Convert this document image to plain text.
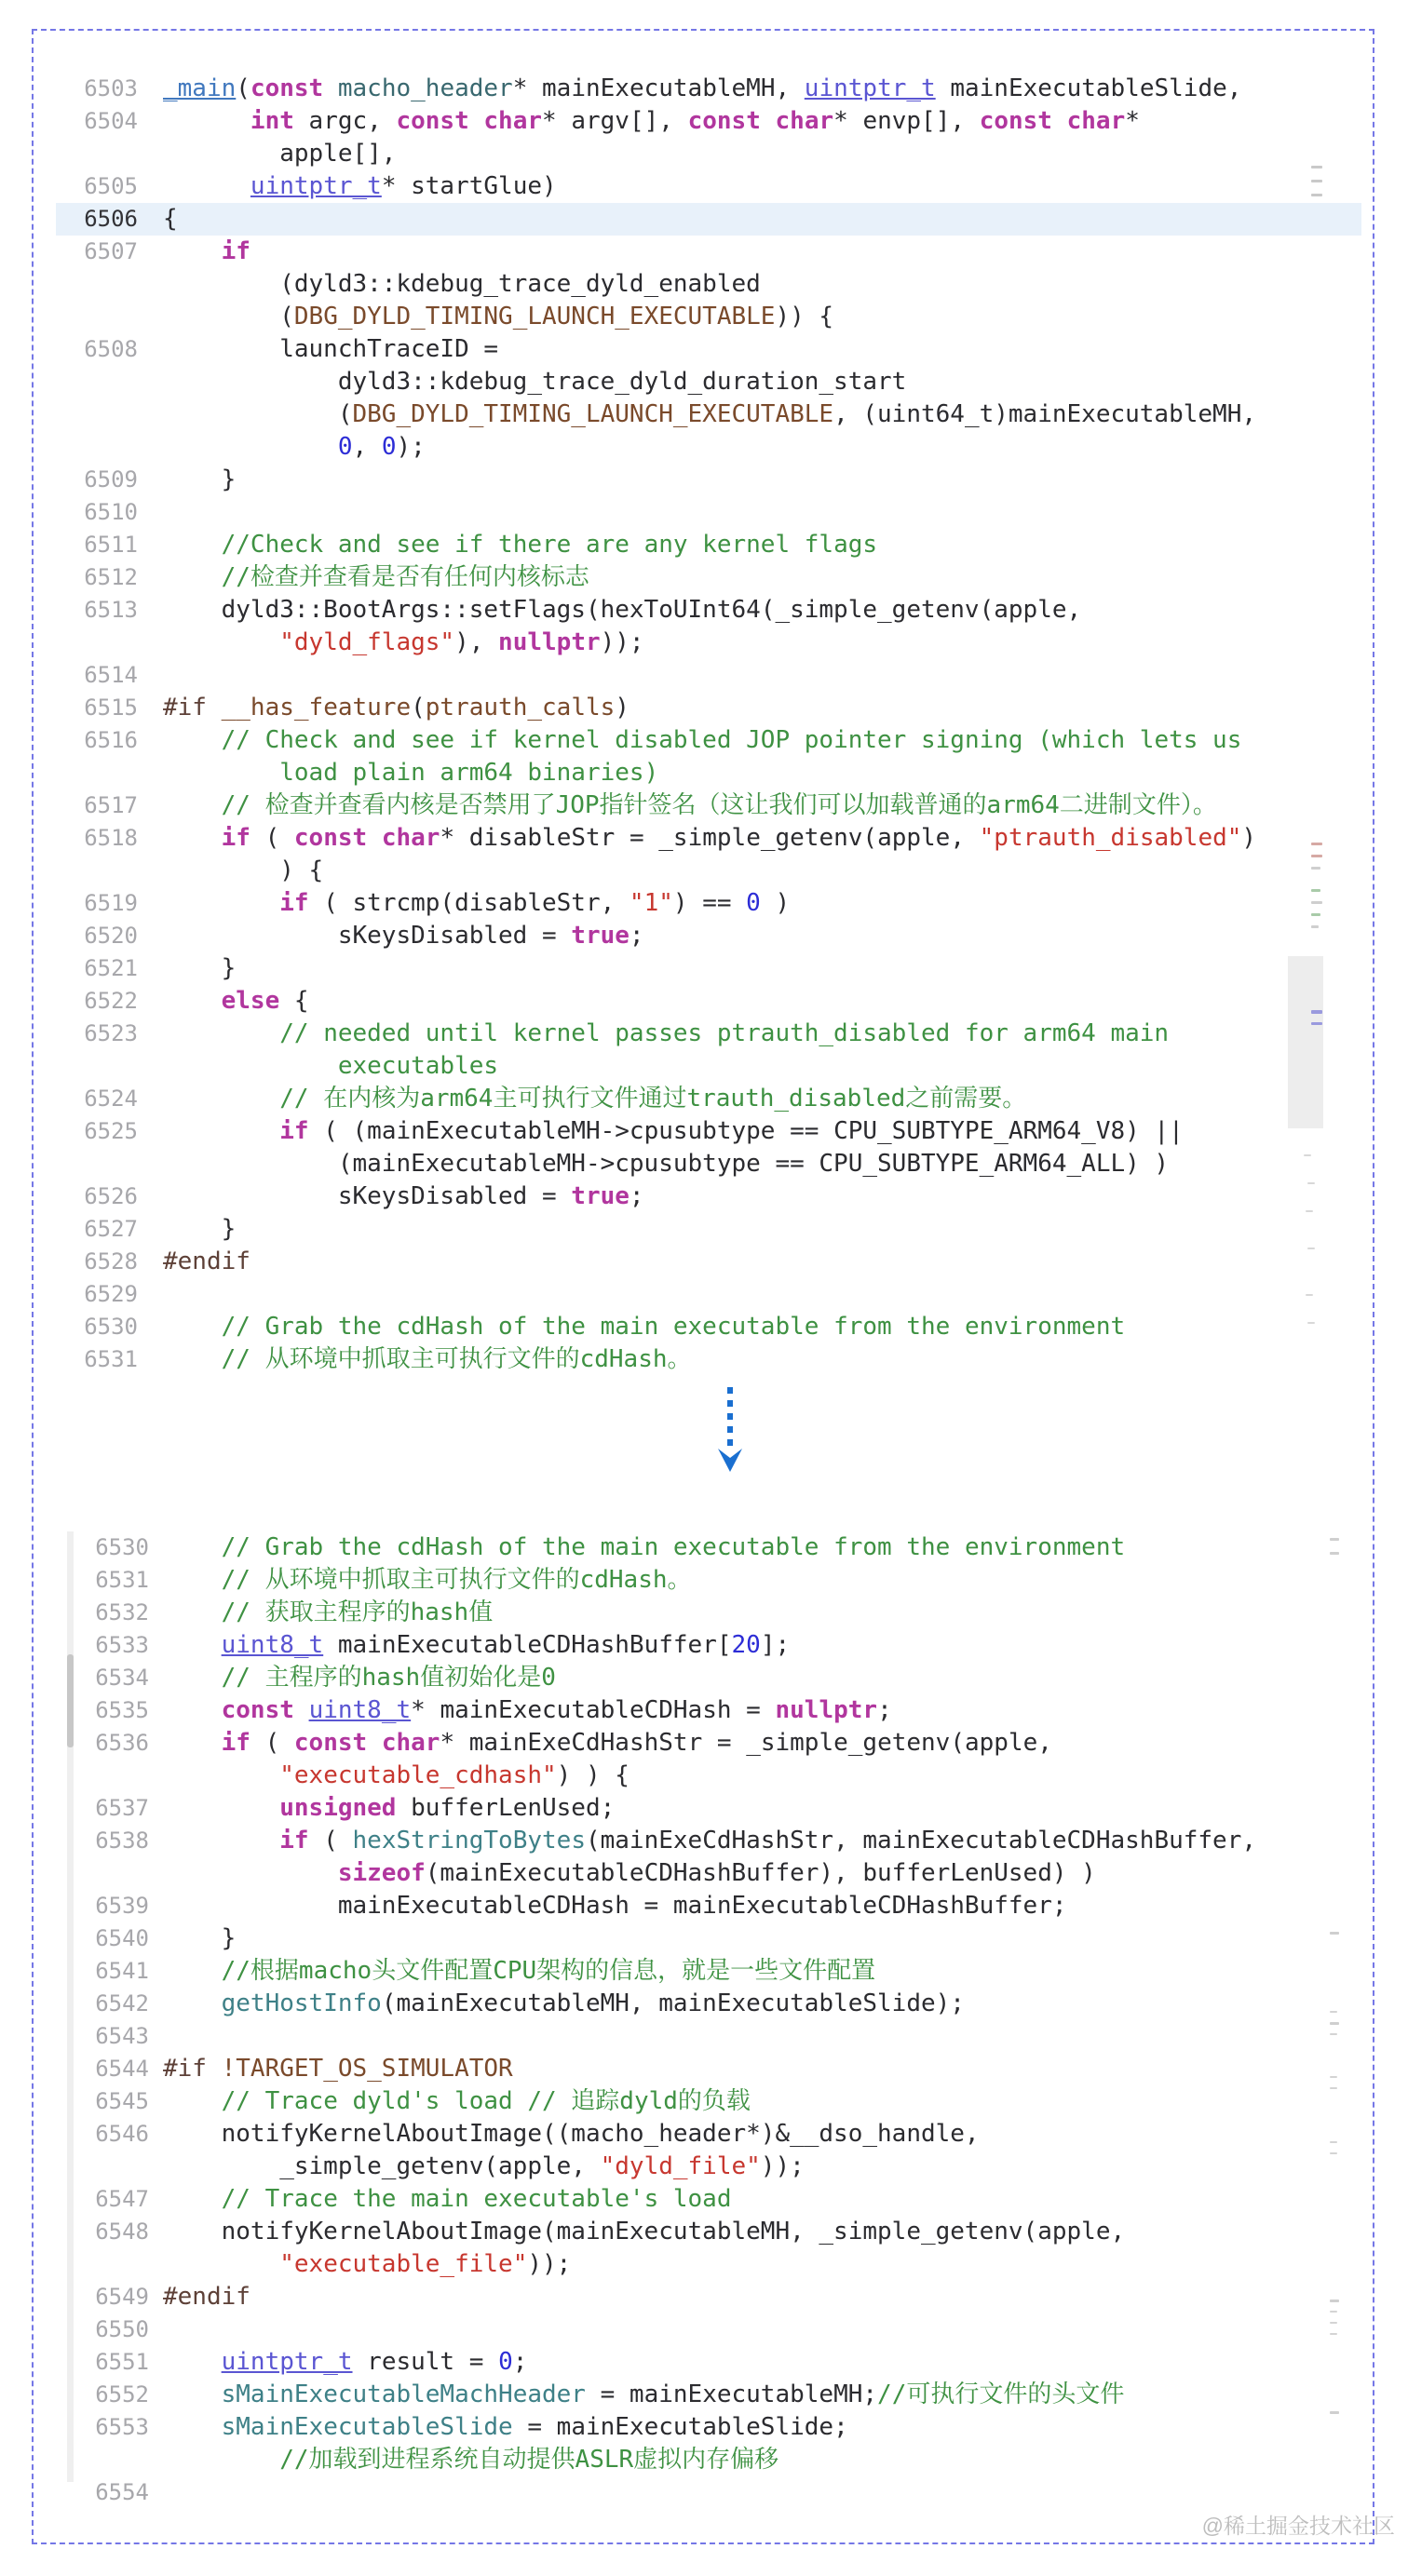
6503	_main(const macho_header* mainExecutableMH, uintptr_t mainExecutableSlide,
6504	int argc, const char* argv[], const char* envp[], const char*
apple[],
6505	uintptr_t* startGlue)
6506	{
6507	if
(dyld3::kdebug_trace_dyld_enabled
(DBG_DYLD_TIMING_LAUNCH_EXECUTABLE)) {
6508	launchTraceID =
dyld3::kdebug_trace_dyld_duration_start
(DBG_DYLD_TIMING_LAUNCH_EXECUTABLE, (uint64_t)mainExecutableMH,
0, 0);
6509	}
6510
6511	//Check and see if there are any kernel flags
6512	//检查并查看是否有任何内核标志
6513	dyld3::BootArgs::setFlags(hexToUInt64(_simple_getenv(apple,
"dyld_flags"), nullptr));
6514
6515	#if __has_feature(ptrauth_calls)
6516	// Check and see if kernel disabled JOP pointer signing (which lets us
load plain arm64 binaries)
6517	// 检查并查看内核是否禁用了JOP指针签名（这让我们可以加载普通的arm64二进制文件）。
6518	if ( const char* disableStr = _simple_getenv(apple, "ptrauth_disabled")
) {
6519	if ( strcmp(disableStr, "1") == 0 )
6520	sKeysDisabled = true;
6521	}
6522	else {
6523	// needed until kernel passes ptrauth_disabled for arm64 main
executables
6524	// 在内核为arm64主可执行文件通过trauth_disabled之前需要。
6525	if ( (mainExecutableMH->cpusubtype == CPU_SUBTYPE_ARM64_V8) ||
(mainExecutableMH->cpusubtype == CPU_SUBTYPE_ARM64_ALL) )
6526	sKeysDisabled = true;
6527	}
6528	#endif
6529
6530	// Grab the cdHash of the main executable from the environment
6531	// 从环境中抓取主可执行文件的cdHash。
6530	// Grab the cdHash of the main executable from the environment
6531	// 从环境中抓取主可执行文件的cdHash。
6532	// 获取主程序的hash值
6533	uint8_t mainExecutableCDHashBuffer[20];
6534	// 主程序的hash值初始化是0
6535	const uint8_t* mainExecutableCDHash = nullptr;
6536	if ( const char* mainExeCdHashStr = _simple_getenv(apple,
"executable_cdhash") ) {
6537	unsigned bufferLenUsed;
6538	if ( hexStringToBytes(mainExeCdHashStr, mainExecutableCDHashBuffer,
sizeof(mainExecutableCDHashBuffer), bufferLenUsed) )
6539 mainExecutableCDHash = mainExecutableCDHashBuffer;
6540 }
6541	//根据macho头文件配置CPU架构的信息，就是一些文件配置
6542	getHostInfo(mainExecutableMH, mainExecutableSlide);
6543
6544 #if !TARGET_OS_SIMULATOR
6545	// Trace dyld's load // 追踪dyld的负载
6546 notifyKernelAboutImage((macho_header*)&__dso_handle,
_simple_getenv(apple, "dyld_file"));
6547	// Trace the main executable's load
6548 notifyKernelAboutImage(mainExecutableMH, _simple_getenv(apple,
"executable_file"));
6549 #endif
6550
6551	uintptr_t result = 0;
6552	sMainExecutableMachHeader = mainExecutableMH;//可执行文件的头文件
6553	sMainExecutableSlide = mainExecutableSlide;
//加载到进程系统自动提供ASLR虚拟内存偏移
6554
@稀土掘金技术社区
